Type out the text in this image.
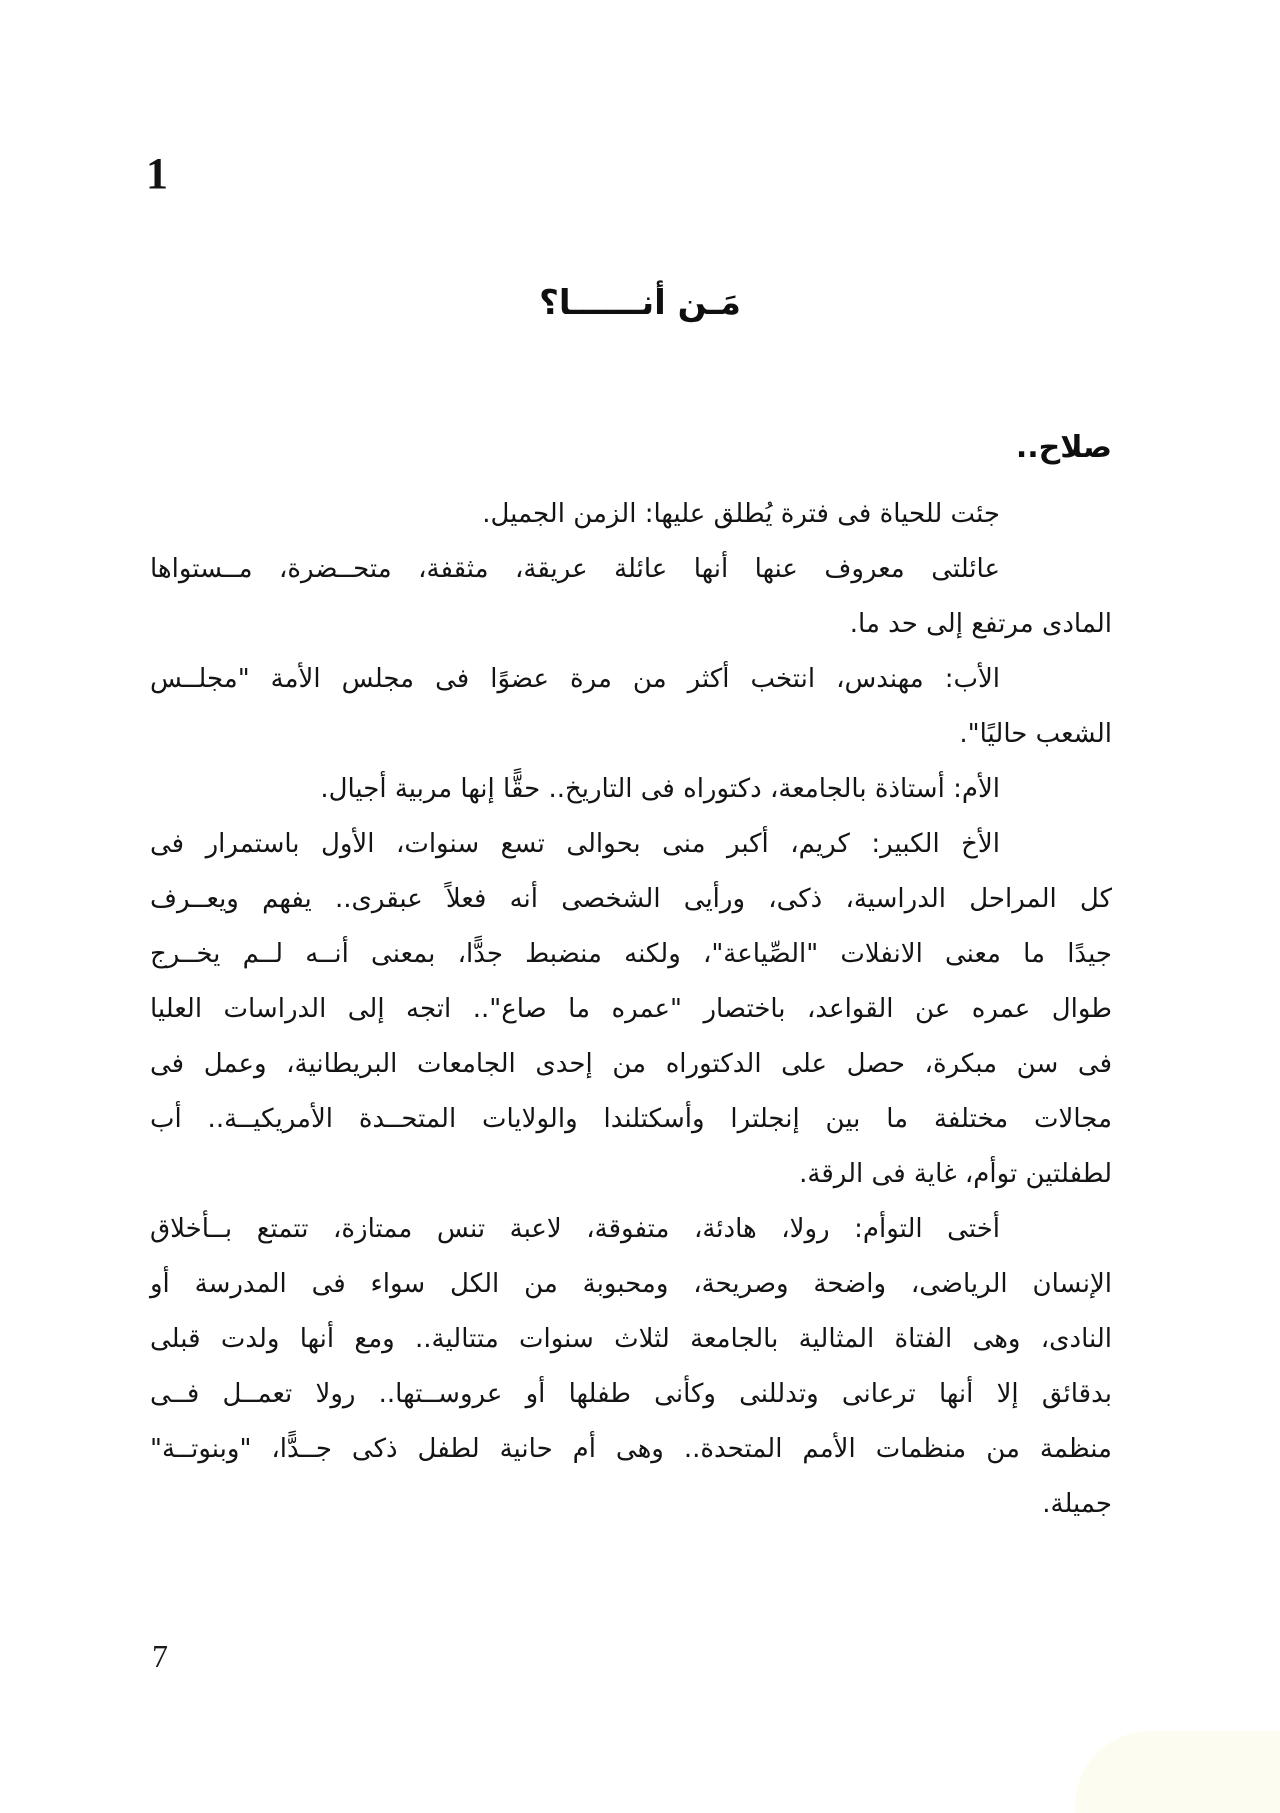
1
مَـن أنــــــا؟
صلاح..
جئت للحياة فى فترة يُطلق عليها: الزمن الجميل.
عائلتى معروف عنها أنها عائلة عريقة، مثقفة، متحــضرة، مــستواها
المادى مرتفع إلى حد ما.
الأب: مهندس، انتخب أكثر من مرة عضوًا فى مجلس الأمة "مجلــس
الشعب حاليًا".
الأم: أستاذة بالجامعة، دكتوراه فى التاريخ.. حقًّا إنها مربية أجيال.
الأخ الكبير: كريم، أكبر منى بحوالى تسع سنوات، الأول باستمرار فى
كل المراحل الدراسية، ذكى، ورأيى الشخصى أنه فعلاً عبقرى.. يفهم ويعــرف
جيدًا ما معنى الانفلات "الصِّياعة"، ولكنه منضبط جدًّا، بمعنى أنــه لــم يخــرج
طوال عمره عن القواعد، باختصار "عمره ما صاع".. اتجه إلى الدراسات العليا
فى سن مبكرة، حصل على الدكتوراه من إحدى الجامعات البريطانية، وعمل فى
مجالات مختلفة ما بين إنجلترا وأسكتلندا والولايات المتحــدة الأمريكيــة.. أب
لطفلتين توأم، غاية فى الرقة.
أختى التوأم: رولا، هادئة، متفوقة، لاعبة تنس ممتازة، تتمتع بــأخلاق
الإنسان الرياضى، واضحة وصريحة، ومحبوبة من الكل سواء فى المدرسة أو
النادى، وهى الفتاة المثالية بالجامعة لثلاث سنوات متتالية.. ومع أنها ولدت قبلى
بدقائق إلا أنها ترعانى وتدللنى وكأنى طفلها أو عروســتها.. رولا تعمــل فــى
منظمة من منظمات الأمم المتحدة.. وهى أم حانية لطفل ذكى جــدًّا، "وبنوتــة"
جميلة.
7
